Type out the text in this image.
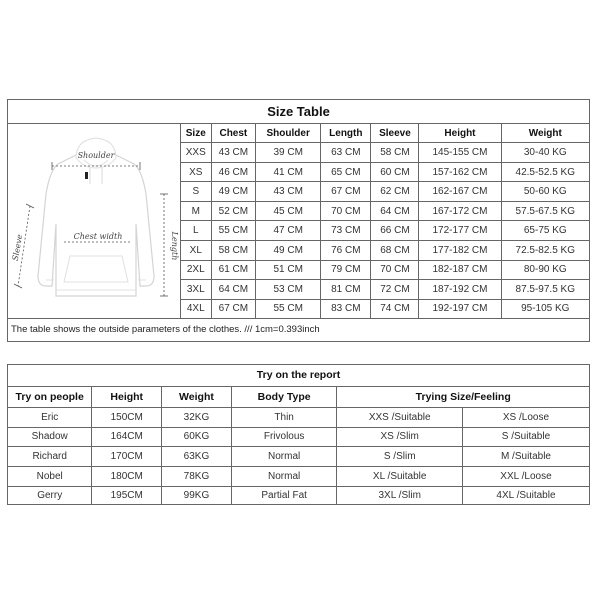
Size Table
Shoulder
Chest width
Sleeve	Length
Size	Chest	Shoulder	Length	Sleeve	Height	Weight
XXS	43 CM	39 CM	63 CM	58 CM	145-155 CM	30-40 KG
XS	46 CM	41 CM	65 CM	60 CM	157-162 CM	42.5-52.5 KG
S	49 CM	43 CM	67 CM	62 CM	162-167 CM	50-60 KG
M	52 CM	45 CM	70 CM	64 CM	167-172 CM	57.5-67.5 KG
L	55 CM	47 CM	73 CM	66 CM	172-177 CM	65-75 KG
XL	58 CM	49 CM	76 CM	68 CM	177-182 CM	72.5-82.5 KG
2XL	61 CM	51 CM	79 CM	70 CM	182-187 CM	80-90 KG
3XL	64 CM	53 CM	81 CM	72 CM	187-192 CM	87.5-97.5 KG
4XL	67 CM	55 CM	83 CM	74 CM	192-197 CM	95-105 KG
The table shows the outside parameters of the clothes. /// 1cm=0.393inch
Try on the report
Try on people	Height	Weight	Body Type	Trying Size/Feeling	
Eric	150CM	32KG	Thin	XXS /Suitable	XS /Loose
Shadow	164CM	60KG	Frivolous	XS /Slim	S /Suitable
Richard	170CM	63KG	Normal	S /Slim	M /Suitable
Nobel	180CM	78KG	Normal	XL /Suitable	XXL /Loose
Gerry	195CM	99KG	Partial Fat	3XL /Slim	4XL /Suitable
